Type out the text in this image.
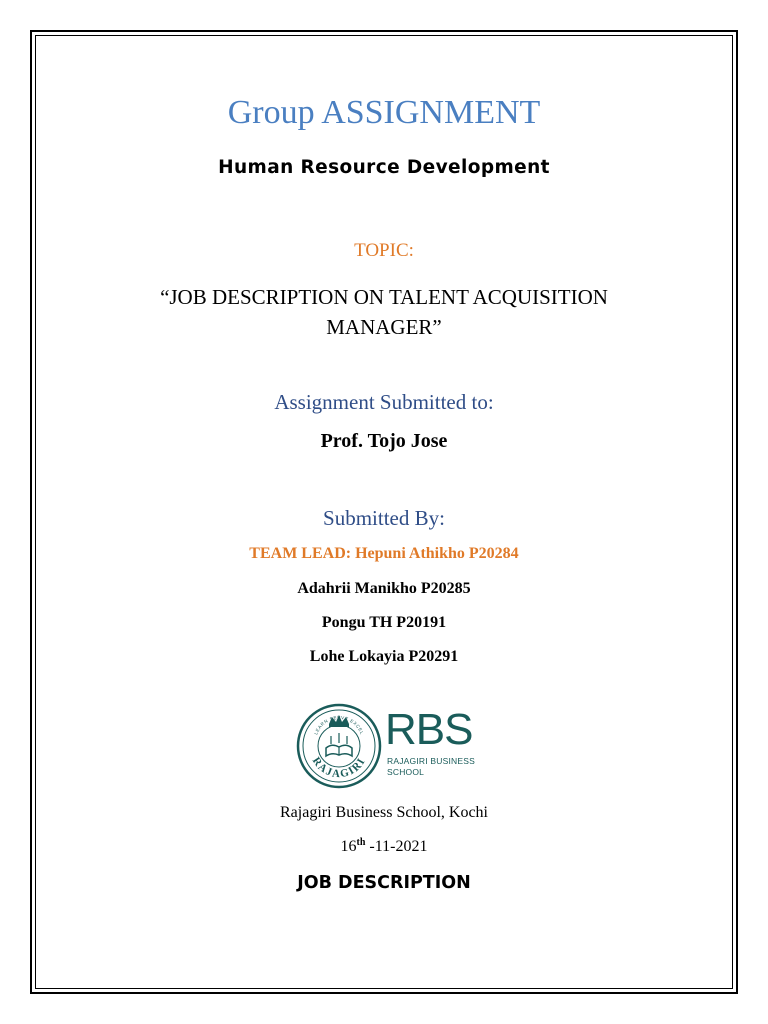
Group ASSIGNMENT
Human Resource Development
TOPIC:
“JOB DESCRIPTION ON TALENT ACQUISITION
MANAGER”
Assignment Submitted to:
Prof. Tojo Jose
Submitted By:
TEAM LEAD: Hepuni Athikho P20284
Adahrii Manikho P20285
Pongu TH P20191
Lohe Lokayia P20291
RAJAGIRI
LEARN SERVE EXCEL RBS
RAJAGIRI BUSINESS
SCHOOL
Rajagiri Business School, Kochi
16th -11-2021
JOB DESCRIPTION
